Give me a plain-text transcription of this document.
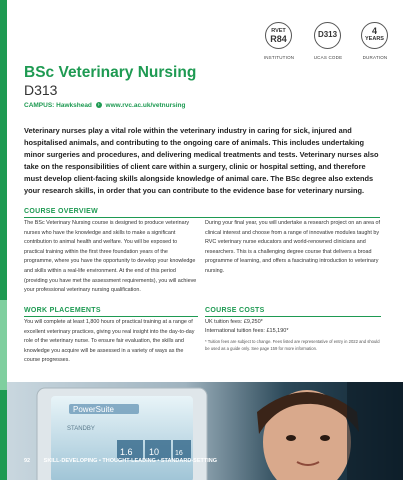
RVET
R84	D313	4
YEARS
INSTITUTION	UCAS CODE	DURATION
BSc Veterinary Nursing
D313
CAMPUS: Hawkshead › www.rvc.ac.uk/vetnursing

Veterinary nurses play a vital role within the veterinary industry in caring for sick, injured and hospitalised animals, and contributing to the ongoing care of animals. This includes undertaking minor surgeries and procedures, and delivering medical treatments and tests. Veterinary nurses also take on the responsibilities of client care within a surgery, clinic or hospital setting, and therefore must develop client-facing skills alongside knowledge of animal care. The BSc degree also extends your research skills, in order that you can contribute to the evidence base for veterinary nursing.

COURSE OVERVIEW

The BSc Veterinary Nursing course is designed to produce veterinary nurses who have the knowledge and skills to make a significant contribution to animal health and welfare. You will be exposed to practical training within the first three foundation years of the programme, where you have the opportunity to develop your knowledge and skills within a real-life environment. At the end of this period (providing you have met the assessment requirements), you will achieve your professional veterinary nursing qualification.

During your final year, you will undertake a research project on an area of clinical interest and choose from a range of innovative modules taught by RVC veterinary nurse educators and world-renowned clinicians and researchers. This is a challenging degree course that delivers a broad programme of learning, and offers a fascinating introduction to veterinary nursing.

WORK PLACEMENTS

You will complete at least 1,800 hours of practical training at a range of excellent veterinary practices, giving you real insight into the day-to-day role of the veterinary nurse. To ensure fair evaluation, the skills and knowledge you acquire will be assessed in a variety of ways as the course progresses.

COURSE COSTS
UK tuition fees: £9,250*
International tuition fees: £15,190*
* Tuition fees are subject to change. Fees listed are representative of entry in 2022 and should be used as a guide only. See page 159 for more information.
PowerSuite
STANDBY
1.6 10 16
92 SKILL-DEVELOPING • THOUGHT-LEADING • STANDARD-SETTING
